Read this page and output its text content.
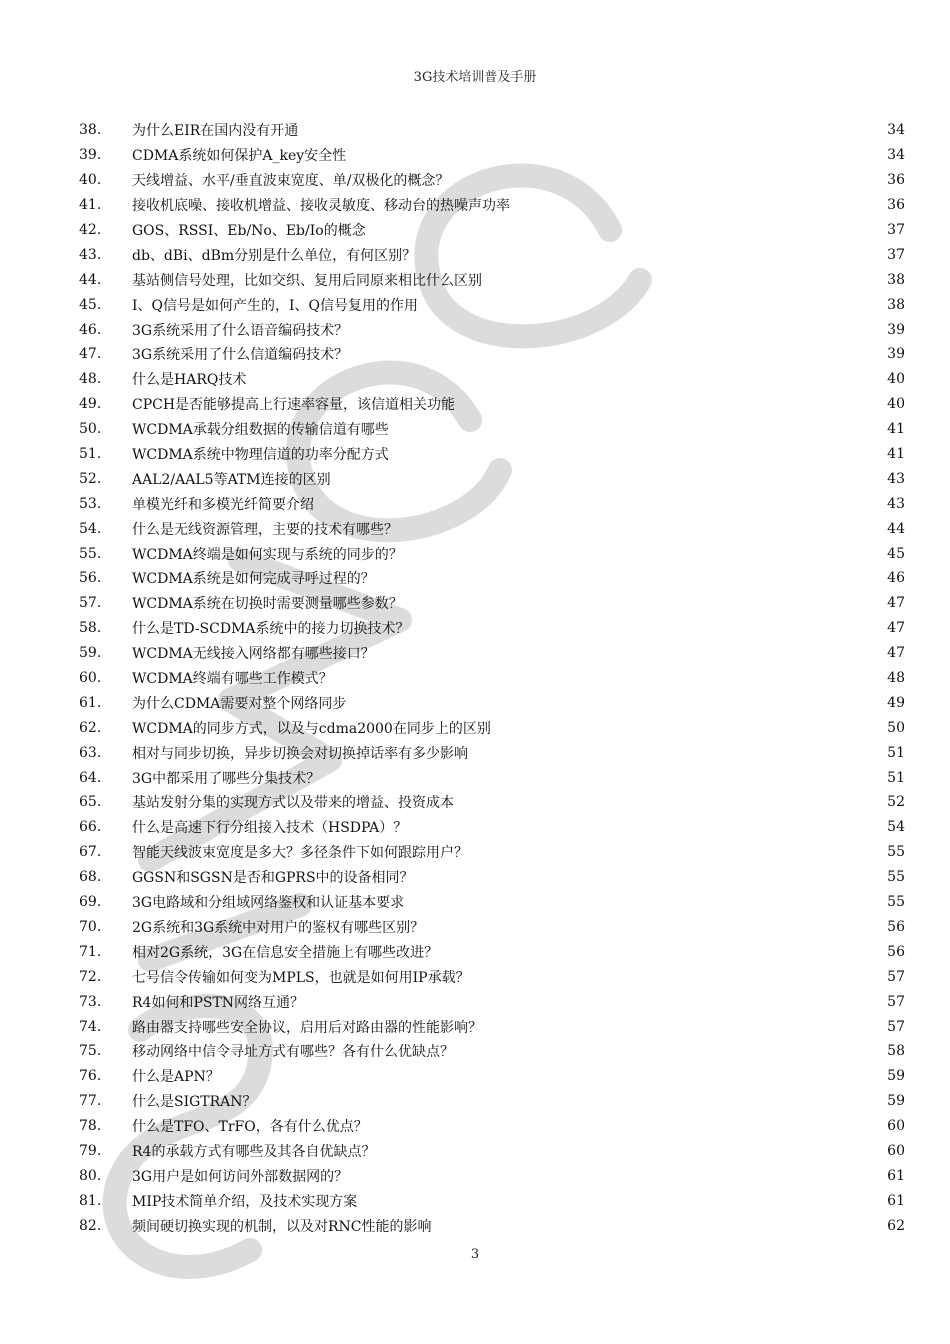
3G技术培训普及手册
38.	为什么EIR在国内没有开通	34
39.	CDMA系统如何保护A_key安全性	34
40.	天线增益、水平/垂直波束宽度、单/双极化的概念？	36
41.	接收机底噪、接收机增益、接收灵敏度、移动台的热噪声功率	36
42.	GOS、RSSI、Eb/No、Eb/Io的概念	37
43.	db、dBi、dBm分别是什么单位，有何区别？	37
44.	基站侧信号处理，比如交织、复用后同原来相比什么区别	38
45.	I、Q信号是如何产生的，I、Q信号复用的作用	38
46.	3G系统采用了什么语音编码技术？	39
47.	3G系统采用了什么信道编码技术？	39
48.	什么是HARQ技术	40
49.	CPCH是否能够提高上行速率容量，该信道相关功能	40
50.	WCDMA承载分组数据的传输信道有哪些	41
51.	WCDMA系统中物理信道的功率分配方式	41
52.	AAL2/AAL5等ATM连接的区别	43
53.	单模光纤和多模光纤简要介绍	43
54.	什么是无线资源管理，主要的技术有哪些？	44
55.	WCDMA终端是如何实现与系统的同步的？	45
56.	WCDMA系统是如何完成寻呼过程的？	46
57.	WCDMA系统在切换时需要测量哪些参数？	47
58.	什么是TD-SCDMA系统中的接力切换技术？	47
59.	WCDMA无线接入网络都有哪些接口？	47
60.	WCDMA终端有哪些工作模式？	48
61.	为什么CDMA需要对整个网络同步	49
62.	WCDMA的同步方式，以及与cdma2000在同步上的区别	50
63.	相对与同步切换，异步切换会对切换掉话率有多少影响	51
64.	3G中都采用了哪些分集技术？	51
65.	基站发射分集的实现方式以及带来的增益、投资成本	52
66.	什么是高速下行分组接入技术（HSDPA）？	54
67.	智能天线波束宽度是多大？多径条件下如何跟踪用户？	55
68.	GGSN和SGSN是否和GPRS中的设备相同？	55
69.	3G电路域和分组域网络鉴权和认证基本要求	55
70.	2G系统和3G系统中对用户的鉴权有哪些区别？	56
71.	相对2G系统，3G在信息安全措施上有哪些改进？	56
72.	七号信令传输如何变为MPLS，也就是如何用IP承载？	57
73.	R4如何和PSTN网络互通？	57
74.	路由器支持哪些安全协议，启用后对路由器的性能影响？	57
75.	移动网络中信令寻址方式有哪些？各有什么优缺点？	58
76.	什么是APN？	59
77.	什么是SIGTRAN？	59
78.	什么是TFO、TrFO，各有什么优点？	60
79.	R4的承载方式有哪些及其各自优缺点？	60
80.	3G用户是如何访问外部数据网的？	61
81.	MIP技术简单介绍，及技术实现方案	61
82.	频间硬切换实现的机制，以及对RNC性能的影响	62
3
